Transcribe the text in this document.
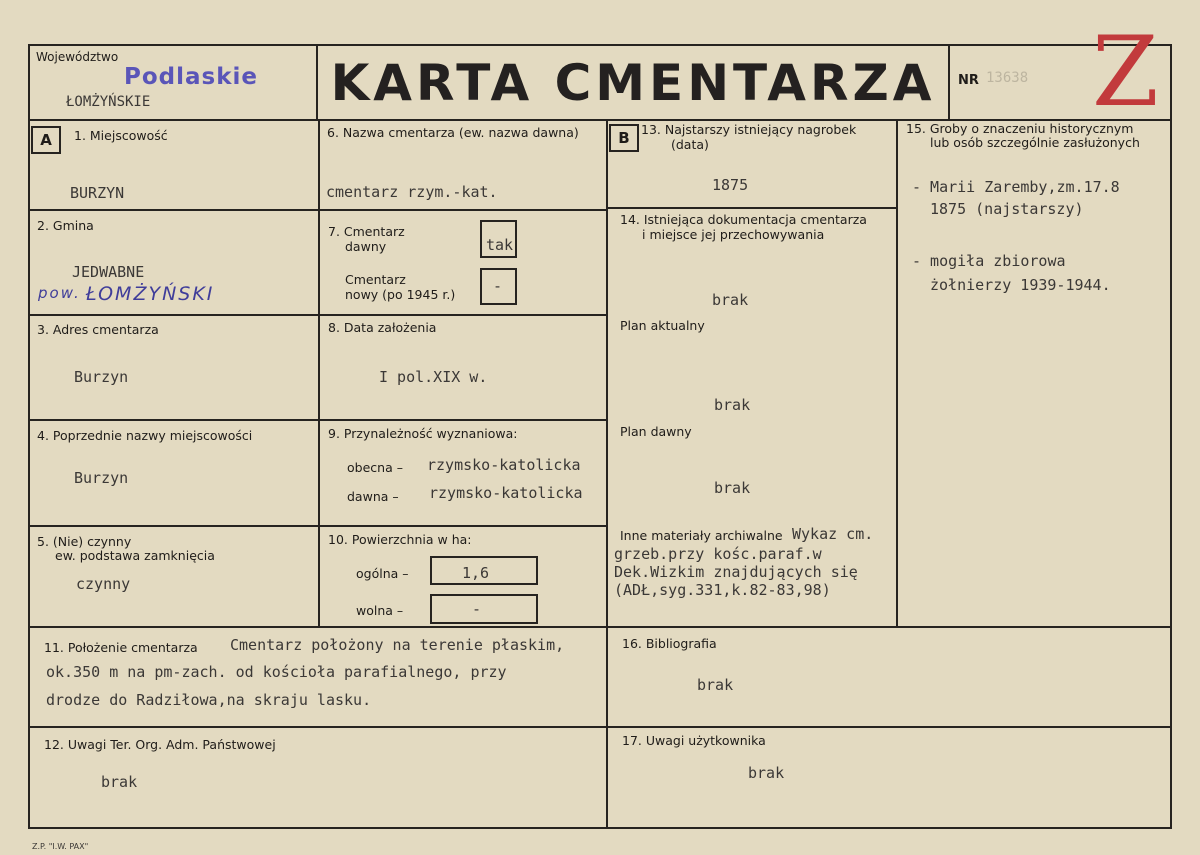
Województwo
Podlaskie
ŁOMŻYŃSKIE	KARTA CMENTARZA	NR 13638 Z
A	B
1. Miejscowość
BURZYN
2. Gmina
JEDWABNE
pow. ŁOMŻYŃSKI
3. Adres cmentarza
Burzyn
4. Poprzednie nazwy miejscowości
Burzyn
5. (Nie) czynny
ew. podstawa zamknięcia
czynny
6. Nazwa cmentarza (ew. nazwa dawna)
cmentarz rzym.-kat.
7. Cmentarz
dawny	tak
Cmentarz
nowy (po 1945 r.)	-
8. Data założenia
I pol.XIX w.
9. Przynależność wyznaniowa:
obecna – rzymsko-katolicka
dawna – rzymsko-katolicka
10. Powierzchnia w ha:
ogólna –	1,6
wolna –	-
13. Najstarszy istniejący nagrobek
(data)
1875
14. Istniejąca dokumentacja cmentarza
i miejsce jej przechowywania
brak
Plan aktualny
brak
Plan dawny
brak
Inne materiały archiwalne Wykaz cm.
grzeb.przy kośc.paraf.w
Dek.Wizkim znajdujących się
(ADŁ,syg.331,k.82-83,98)
15. Groby o znaczeniu historycznym
lub osób szczególnie zasłużonych
- Marii Zaremby,zm.17.8
1875 (najstarszy)
- mogiła zbiorowa
żołnierzy 1939-1944.
11. Położenie cmentarza Cmentarz położony na terenie płaskim,
ok.350 m na pm-zach. od kościoła parafialnego, przy
drodze do Radziłowa,na skraju lasku.
16. Bibliografia
brak
12. Uwagi Ter. Org. Adm. Państwowej
brak
17. Uwagi użytkownika
brak
Z.P. "I.W. PAX"
